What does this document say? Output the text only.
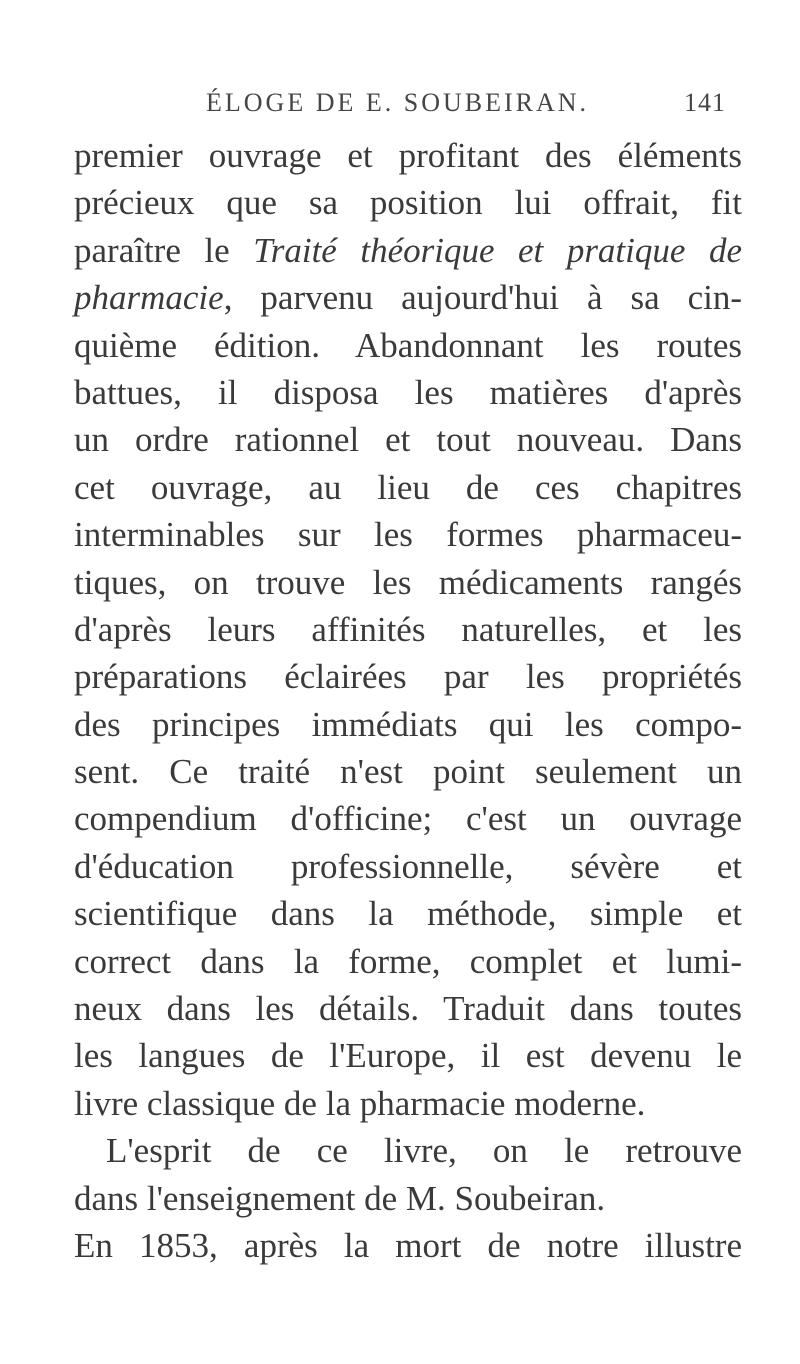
ÉLOGE DE E. SOUBEIRAN.	141
premier ouvrage et profitant des éléments
précieux que sa position lui offrait, fit
paraître le Traité théorique et pratique de
pharmacie, parvenu aujourd'hui à sa cin-
quième édition. Abandonnant les routes
battues, il disposa les matières d'après
un ordre rationnel et tout nouveau. Dans
cet ouvrage, au lieu de ces chapitres
interminables sur les formes pharmaceu-
tiques, on trouve les médicaments rangés
d'après leurs affinités naturelles, et les
préparations éclairées par les propriétés
des principes immédiats qui les compo-
sent. Ce traité n'est point seulement un
compendium d'officine; c'est un ouvrage
d'éducation professionnelle, sévère et
scientifique dans la méthode, simple et
correct dans la forme, complet et lumi-
neux dans les détails. Traduit dans toutes
les langues de l'Europe, il est devenu le
livre classique de la pharmacie moderne.
L'esprit de ce livre, on le retrouve
dans l'enseignement de M. Soubeiran.
En 1853, après la mort de notre illustre
